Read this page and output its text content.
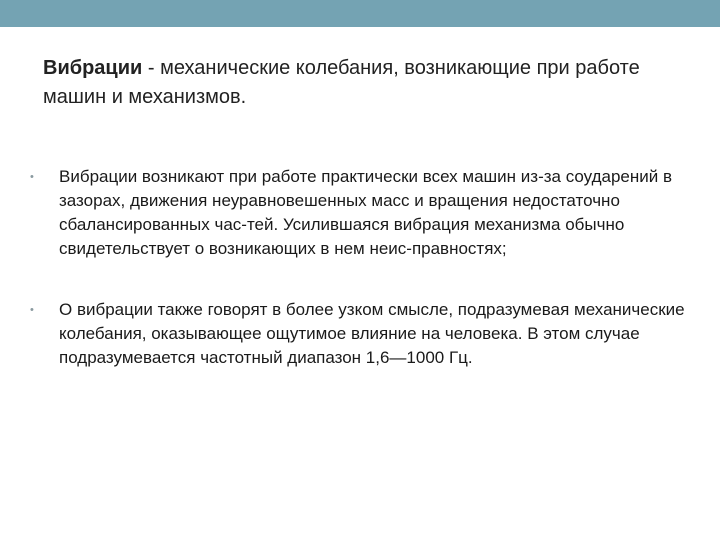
Вибрации - механические колебания, возникающие при работе машин и механизмов.
• Вибрации возникают при работе практически всех машин из-за соударений в зазорах, движения неуравновешенных масс и вращения недостаточно сбалансированных час-тей. Усилившаяся вибрация механизма обычно свидетельствует о возникающих в нем неис-правностях;
• О вибрации также говорят в более узком смысле, подразумевая механические колебания, оказывающее ощутимое влияние на человека. В этом случае подразумевается частотный диапазон 1,6—1000 Гц.
